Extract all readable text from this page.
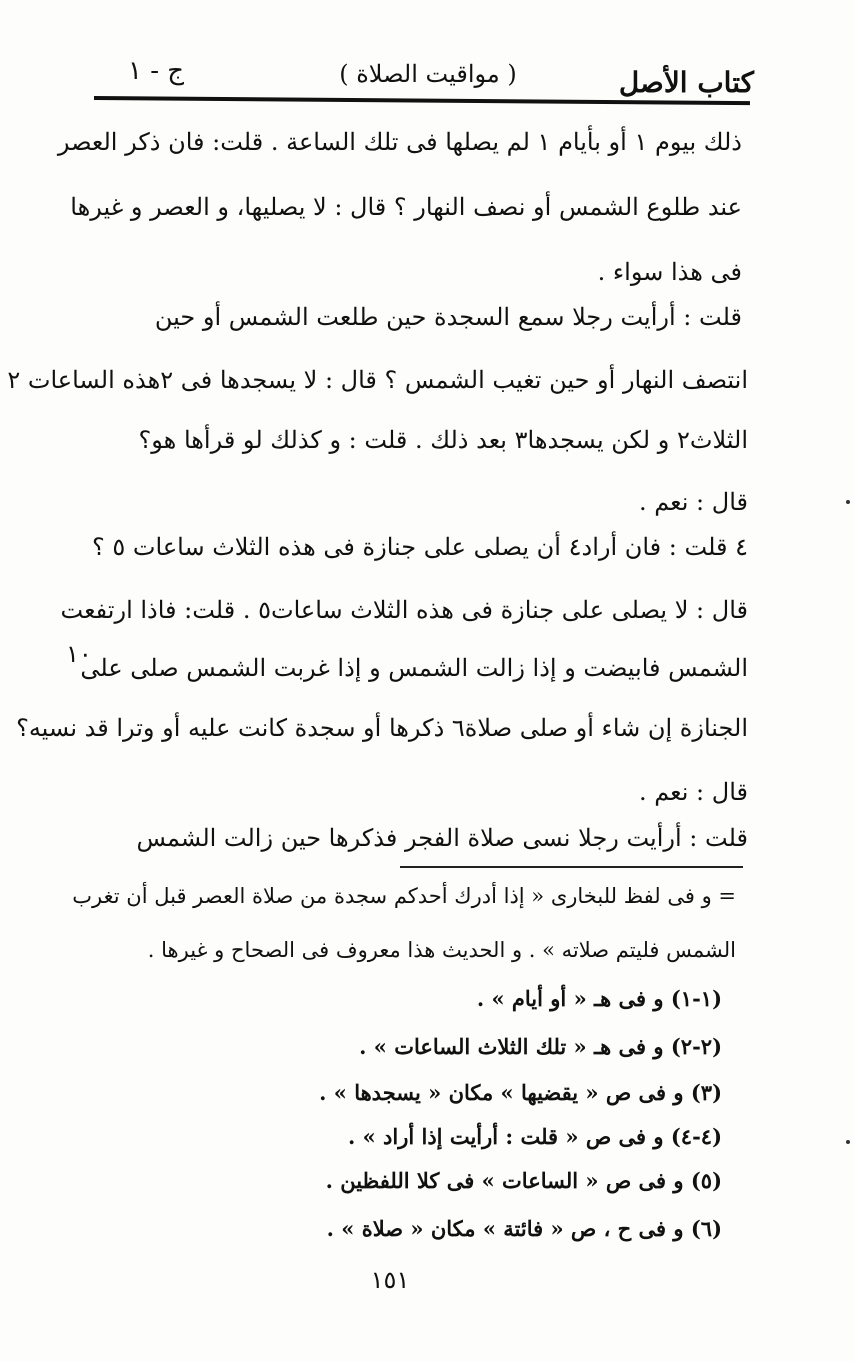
كتاب الأصل
( مواقيت الصلاة )
ج - ١
ذلك بيوم ١ أو بأيام ١ لم يصلها فى تلك الساعة . قلت: فان ذكر العصر
عند طلوع الشمس أو نصف النهار ؟ قال : لا يصليها، و العصر و غيرها
فى هذا سواء .
قلت : أرأيت رجلا سمع السجدة حين طلعت الشمس أو حين
انتصف النهار أو حين تغيب الشمس ؟ قال : لا يسجدها فى ٢هذه الساعات ٢
الثلاث٢ و لكن يسجدها٣ بعد ذلك . قلت : و كذلك لو قرأها هو؟
قال : نعم .
٤ قلت : فان أراد٤ أن يصلى على جنازة فى هذه الثلاث ساعات ٥ ؟
قال : لا يصلى على جنازة فى هذه الثلاث ساعات٥ . قلت: فاذا ارتفعت
الشمس فابيضت و إذا زالت الشمس و إذا غربت الشمس صلى على
الجنازة إن شاء أو صلى صلاة٦ ذكرها أو سجدة كانت عليه أو وترا قد نسيه؟
قال : نعم .
قلت : أرأيت رجلا نسى صلاة الفجر فذكرها حين زالت الشمس
١٠
= و فى لفظ للبخارى « إذا أدرك أحدكم سجدة من صلاة العصر قبل أن تغرب
الشمس فليتم صلاته » . و الحديث هذا معروف فى الصحاح و غيرها .
(١-١) و فى هـ « أو أيام » .
(٢-٢) و فى هـ « تلك الثلاث الساعات » .
(٣) و فى ص « يقضيها » مكان « يسجدها » .
(٤-٤) و فى ص « قلت : أرأيت إذا أراد » .
(٥) و فى ص « الساعات » فى كلا اللفظين .
(٦) و فى ح ، ص « فائتة » مكان « صلاة » .
١٥١
